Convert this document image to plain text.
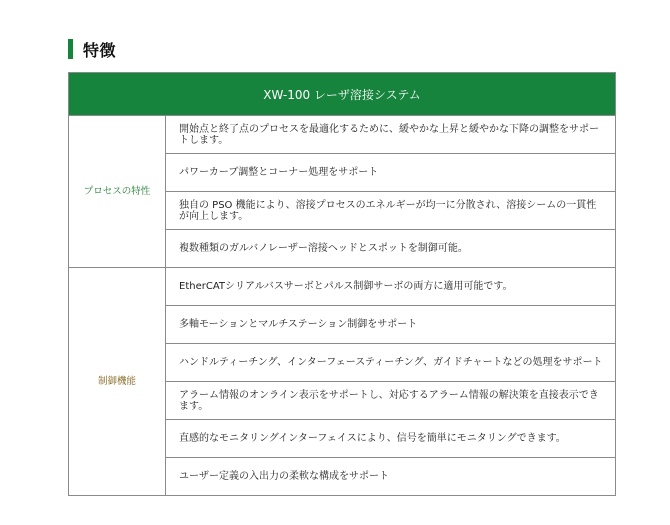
特徴
XW-100 レーザ溶接システム	
プロセスの特性	開始点と終了点のプロセスを最適化するために、緩やかな上昇と緩やかな下降の調整をサポートします。
	パワーカーブ調整とコーナー処理をサポート
	独自の PSO 機能により、溶接プロセスのエネルギーが均一に分散され、溶接シームの一貫性が向上します。
	複数種類のガルバノレーザー溶接ヘッドとスポットを制御可能。
制御機能	EtherCATシリアルバスサーボとパルス制御サーボの両方に適用可能です。
	多軸モーションとマルチステーション制御をサポート
	ハンドルティーチング、インターフェースティーチング、ガイドチャートなどの処理をサポート
	アラーム情報のオンライン表示をサポートし、対応するアラーム情報の解決策を直接表示できます。
	直感的なモニタリングインターフェイスにより、信号を簡単にモニタリングできます。
	ユーザー定義の入出力の柔軟な構成をサポート
